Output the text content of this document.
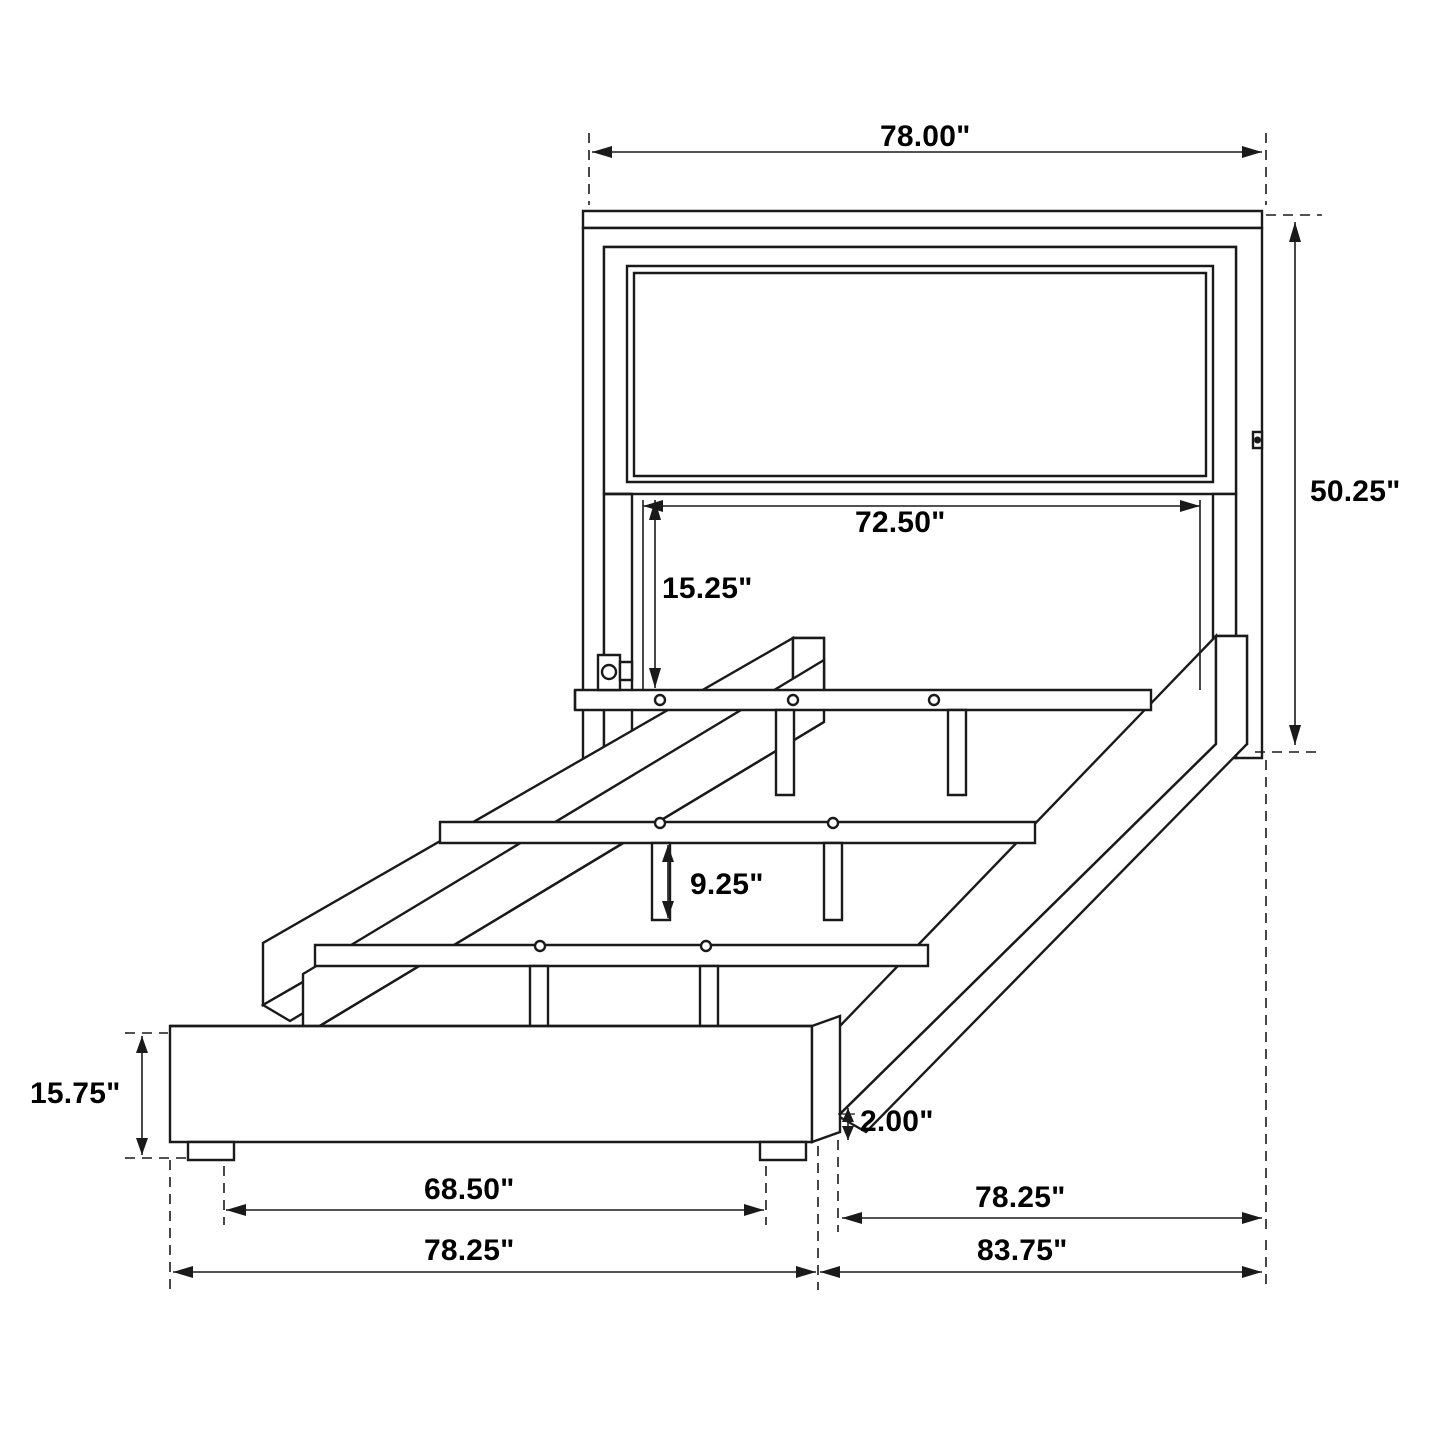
78.00"
50.25"
72.50"
15.25"
9.25"
15.75"
2.00"
68.50"	78.25"
78.25"	83.75"
